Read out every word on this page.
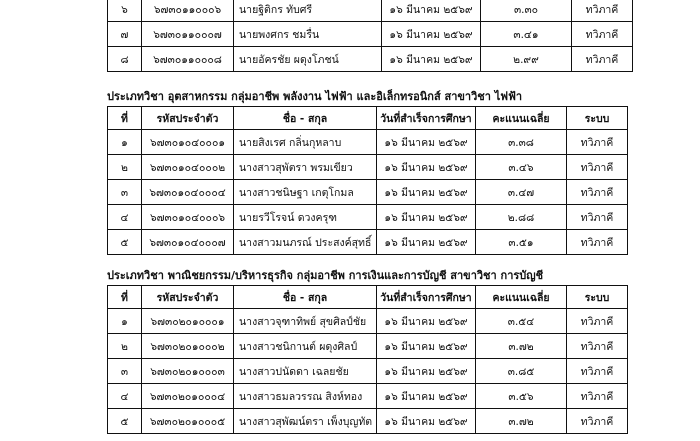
๖	๖๗๓๐๑๑๐๐๐๖	นายฐิติกร ทับศรี	๑๖ มีนาคม ๒๕๖๙	๓.๓๐	ทวิภาคี
๗	๖๗๓๐๑๑๐๐๐๗	นายพงศกร ชมรื่น	๑๖ มีนาคม ๒๕๖๙	๓.๔๑	ทวิภาคี
๘	๖๗๓๐๑๑๐๐๐๘	นายอัครชัย ผดุงโภชน์	๑๖ มีนาคม ๒๕๖๙	๒.๙๙	ทวิภาคี
ประเภทวิชา อุตสาหกรรม กลุ่มอาชีพ พลังงาน ไฟฟ้า และอิเล็กทรอนิกส์ สาขาวิชา ไฟฟ้า
ที่	รหัสประจำตัว	ชื่อ - สกุล	วันที่สำเร็จการศึกษา	คะแนนเฉลี่ย	ระบบ
๑	๖๗๓๐๑๐๔๐๐๐๑	นายสิงเรศ กลิ่นกุหลาบ	๑๖ มีนาคม ๒๕๖๙	๓.๓๘	ทวิภาคี
๒	๖๗๓๐๑๐๔๐๐๐๒	นางสาวสุพัตรา พรมเขียว	๑๖ มีนาคม ๒๕๖๙	๓.๔๖	ทวิภาคี
๓	๖๗๓๐๑๐๔๐๐๐๔	นางสาวชนิษฐา เกตุโกมล	๑๖ มีนาคม ๒๕๖๙	๓.๔๗	ทวิภาคี
๔	๖๗๓๐๑๐๔๐๐๐๖	นายรวีโรจน์ ดวงครุฑ	๑๖ มีนาคม ๒๕๖๙	๒.๘๘	ทวิภาคี
๕	๖๗๓๐๑๐๔๐๐๐๗	นางสาวมนภรณ์ ประสงค์สุทธิ์	๑๖ มีนาคม ๒๕๖๙	๓.๕๑	ทวิภาคี
ประเภทวิชา พาณิชยกรรม/บริหารธุรกิจ กลุ่มอาชีพ การเงินและการบัญชี สาขาวิชา การบัญชี
ที่	รหัสประจำตัว	ชื่อ - สกุล	วันที่สำเร็จการศึกษา	คะแนนเฉลี่ย	ระบบ
๑	๖๗๓๐๒๐๑๐๐๐๑	นางสาวจุฑาทิพย์ สุขศิลป์ชัย	๑๖ มีนาคม ๒๕๖๙	๓.๕๔	ทวิภาคี
๒	๖๗๓๐๒๐๑๐๐๐๒	นางสาวชนิกานต์ ผดุงศิลป์	๑๖ มีนาคม ๒๕๖๙	๓.๗๒	ทวิภาคี
๓	๖๗๓๐๒๐๑๐๐๐๓	นางสาวปนัดดา เฉลยชัย	๑๖ มีนาคม ๒๕๖๙	๓.๘๕	ทวิภาคี
๔	๖๗๓๐๒๐๑๐๐๐๔	นางสาวธมลวรรณ สิงห์ทอง	๑๖ มีนาคม ๒๕๖๙	๓.๕๖	ทวิภาคี
๕	๖๗๓๐๒๐๑๐๐๐๕	นางสาวสุพัฒน์ตรา เพ็งบุญทัต	๑๖ มีนาคม ๒๕๖๙	๓.๗๒	ทวิภาคี
